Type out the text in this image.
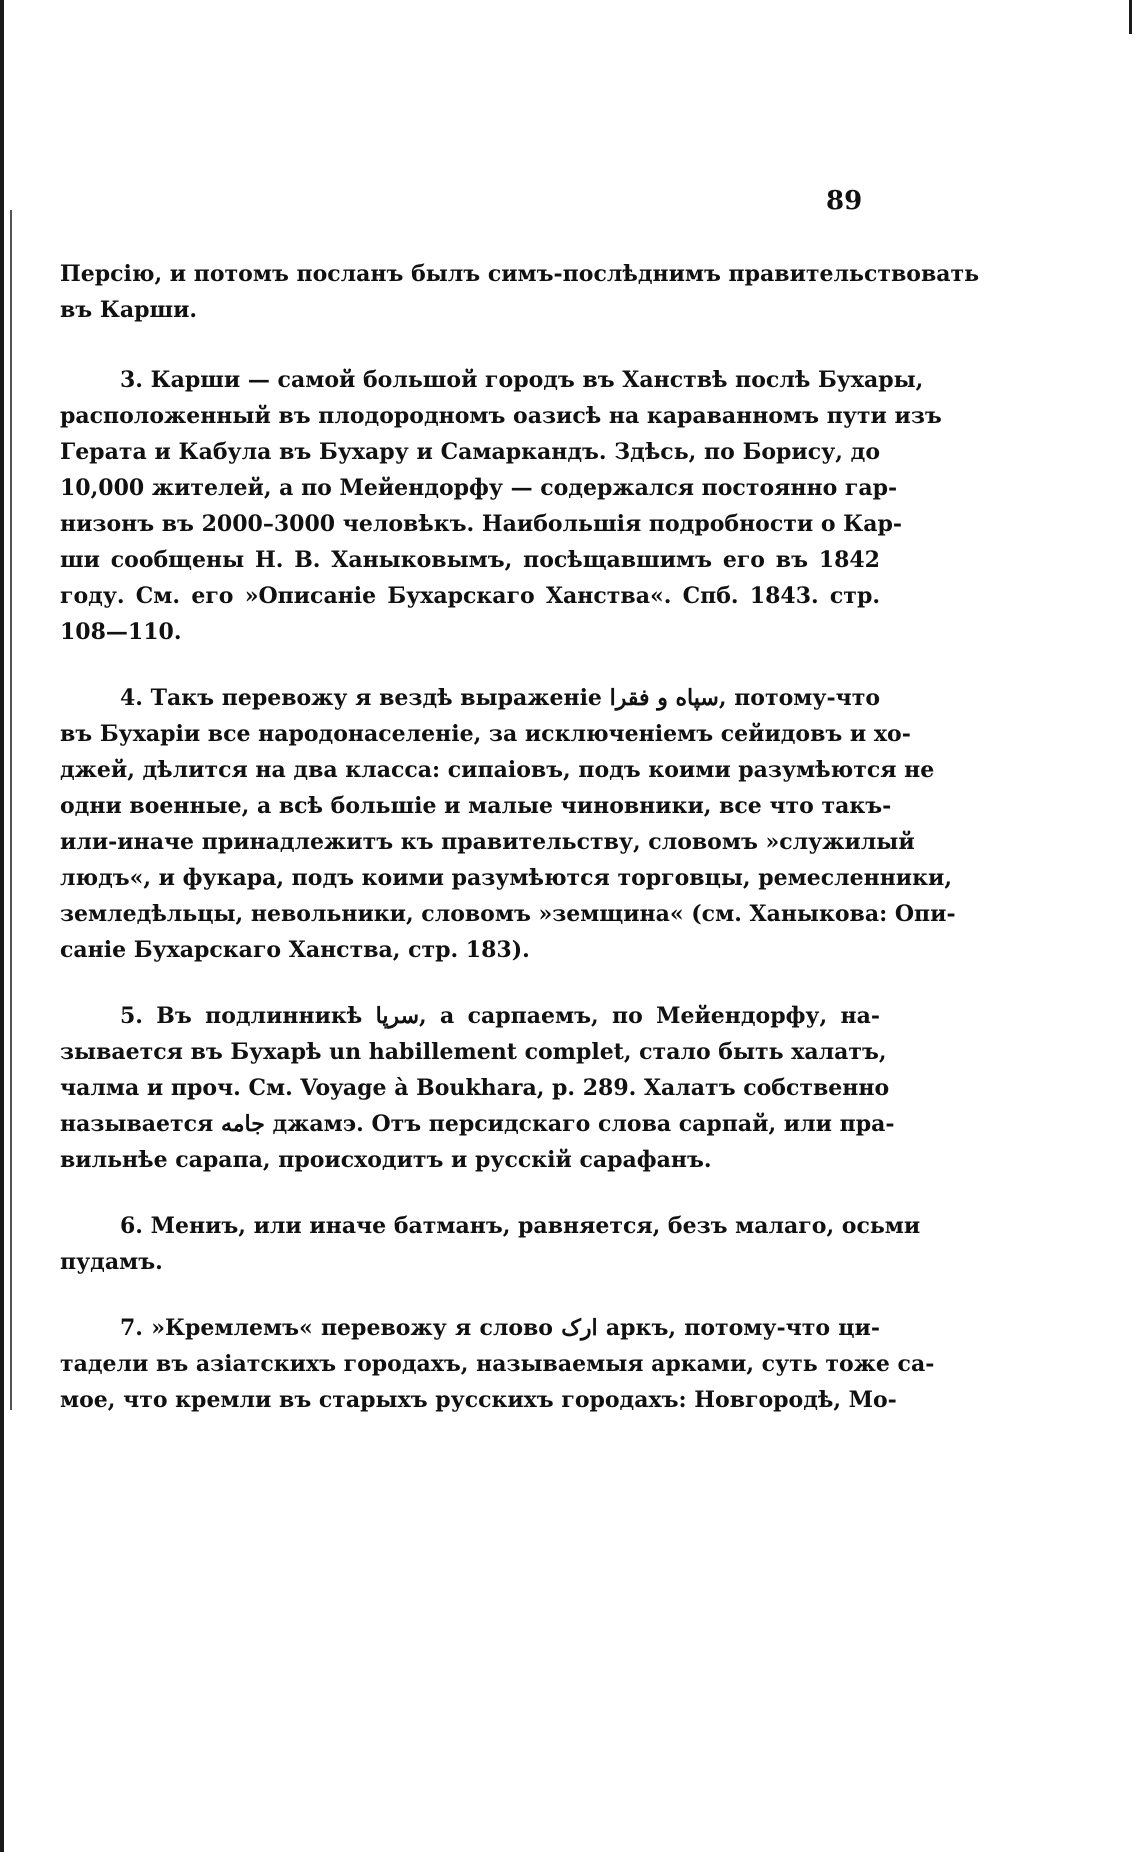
89
Персію, и потомъ посланъ былъ симъ-послѣднимъ правительствовать
въ Карши.
3. Карши — самой большой городъ въ Ханствѣ послѣ Бухары,
расположенный въ плодородномъ оазисѣ на караванномъ пути изъ
Герата и Кабула въ Бухару и Самаркандъ. Здѣсь, по Борису, до
10,000 жителей, а по Мейендорфу — содержался постоянно гар-
низонъ въ 2000–3000 человѣкъ. Наибольшія подробности о Кар-
ши сообщены Н. В. Ханыковымъ, посѣщавшимъ его въ 1842
году. См. его »Описаніе Бухарскаго Ханства«. Спб. 1843. стр.
108—110.
4. Такъ перевожу я вездѣ выраженіе سپاه و فقرا, потому-что
въ Бухаріи все народонаселеніе, за исключеніемъ сейидовъ и хо-
джей, дѣлится на два класса: сипаіовъ, подъ коими разумѣются не
одни военные, а всѣ большіе и малые чиновники, все что такъ-
или-иначе принадлежитъ къ правительству, словомъ »служилый
людъ«, и фукара, подъ коими разумѣются торговцы, ремесленники,
земледѣльцы, невольники, словомъ »земщина« (см. Ханыкова: Опи-
саніе Бухарскаго Ханства, стр. 183).
5. Въ подлинникѣ سرپا, а сарпаемъ, по Мейендорфу, на-
зывается въ Бухарѣ un habillement complet, стало быть халатъ,
чалма и проч. См. Voyage à Boukhara, p. 289. Халатъ собственно
называется جامه джамэ. Отъ персидскаго слова сарпай, или пра-
вильнѣе сарапа, происходитъ и русскій сарафанъ.
6. Мениъ, или иначе батманъ, равняется, безъ малаго, осьми
пудамъ.
7. »Кремлемъ« перевожу я слово ارک аркъ, потому-что ци-
тадели въ азіатскихъ городахъ, называемыя арками, суть тоже са-
мое, что кремли въ старыхъ русскихъ городахъ: Новгородѣ, Мо-
